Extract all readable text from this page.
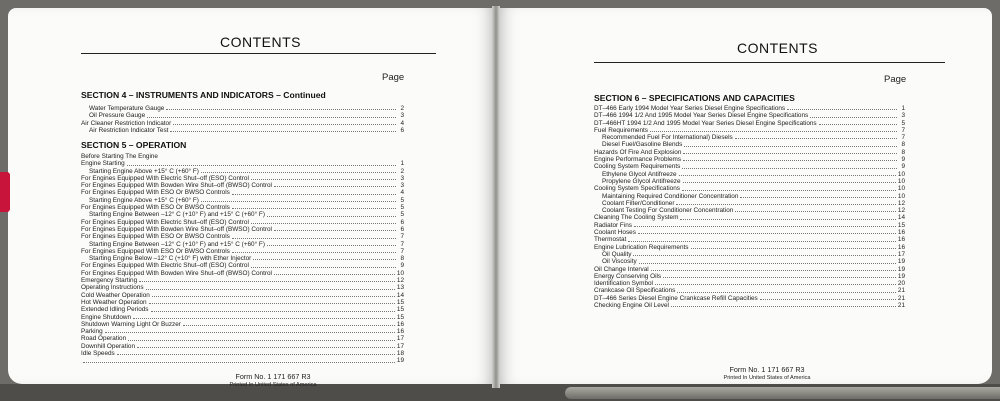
CONTENTS
Page
SECTION 4 – INSTRUMENTS AND INDICATORS – Continued
Water Temperature Gauge	2
Oil Pressure Gauge	3
Air Cleaner Restriction Indicator	4
Air Restriction Indicator Test	6
SECTION 5 – OPERATION
Before Starting The Engine
Engine Starting	1
Starting Engine Above +15° C (+60° F)	2
For Engines Equipped With Electric Shut–off (ESO) Control	3
For Engines Equipped With Bowden Wire Shut–off (BWSO) Control	3
For Engines Equipped With ESO Or BWSO Controls	4
Starting Engine Above +15° C (+60° F)	5
For Engines Equipped With ESO Or BWSO Controls	5
Starting Engine Between –12° C (+10° F) and +15° C (+60° F)	5
For Engines Equipped With Electric Shut–off (ESO) Control	6
For Engines Equipped With Bowden Wire Shut–off (BWSO) Control	6
For Engines Equipped With ESO Or BWSO Controls	7
Starting Engine Between –12° C (+10° F) and +15° C (+60° F)	7
For Engines Equipped With ESO Or BWSO Controls	7
Starting Engine Below –12° C (+10° F) with Ether Injector	8
For Engines Equipped With Electric Shut–off (ESO) Control	9
For Engines Equipped With Bowden Wire Shut–off (BWSO) Control	10
Emergency Starting	12
Operating Instructions	13
Cold Weather Operation	14
Hot Weather Operation	15
Extended Idling Periods	15
Engine Shutdown	15
Shutdown Warning Light Or Buzzer	16
Parking	16
Road Operation	17
Downhill Operation	17
Idle Speeds	18
19
Form No. 1 171 667 R3
Printed In United States of America
CONTENTS
Page
SECTION 6 – SPECIFICATIONS AND CAPACITIES
DT–466 Early 1994 Model Year Series Diesel Engine Specifications	1
DT–466 1994 1/2 And 1995 Model Year Series Diesel Engine Specifications	3
DT–466HT 1994 1/2 And 1995 Model Year Series Diesel Engine Specifications	5
Fuel Requirements	7
Recommended Fuel For International) Diesels	7
Diesel Fuel/Gasoline Blends	8
Hazards Of Fire And Explosion	8
Engine Performance Problems	9
Cooling System Requirements	9
Ethylene Glycol Antifreeze	10
Propylene Glycol Antifreeze	10
Cooling System Specifications	10
Maintaining Required Conditioner Concentration	10
Coolant Filter/Conditioner	12
Coolant Testing For Conditioner Concentration	12
Cleaning The Cooling System	14
Radiator Fins	15
Coolant Hoses	16
Thermostat	16
Engine Lubrication Requirements	16
Oil Quality	17
Oil Viscosity	19
Oil Change Interval	19
Energy Conserving Oils	19
Identification Symbol	20
Crankcase Oil Specifications	21
DT–466 Series Diesel Engine Crankcase Refill Capacities	21
Checking Engine Oil Level	21
Form No. 1 171 667 R3
Printed In United States of America
